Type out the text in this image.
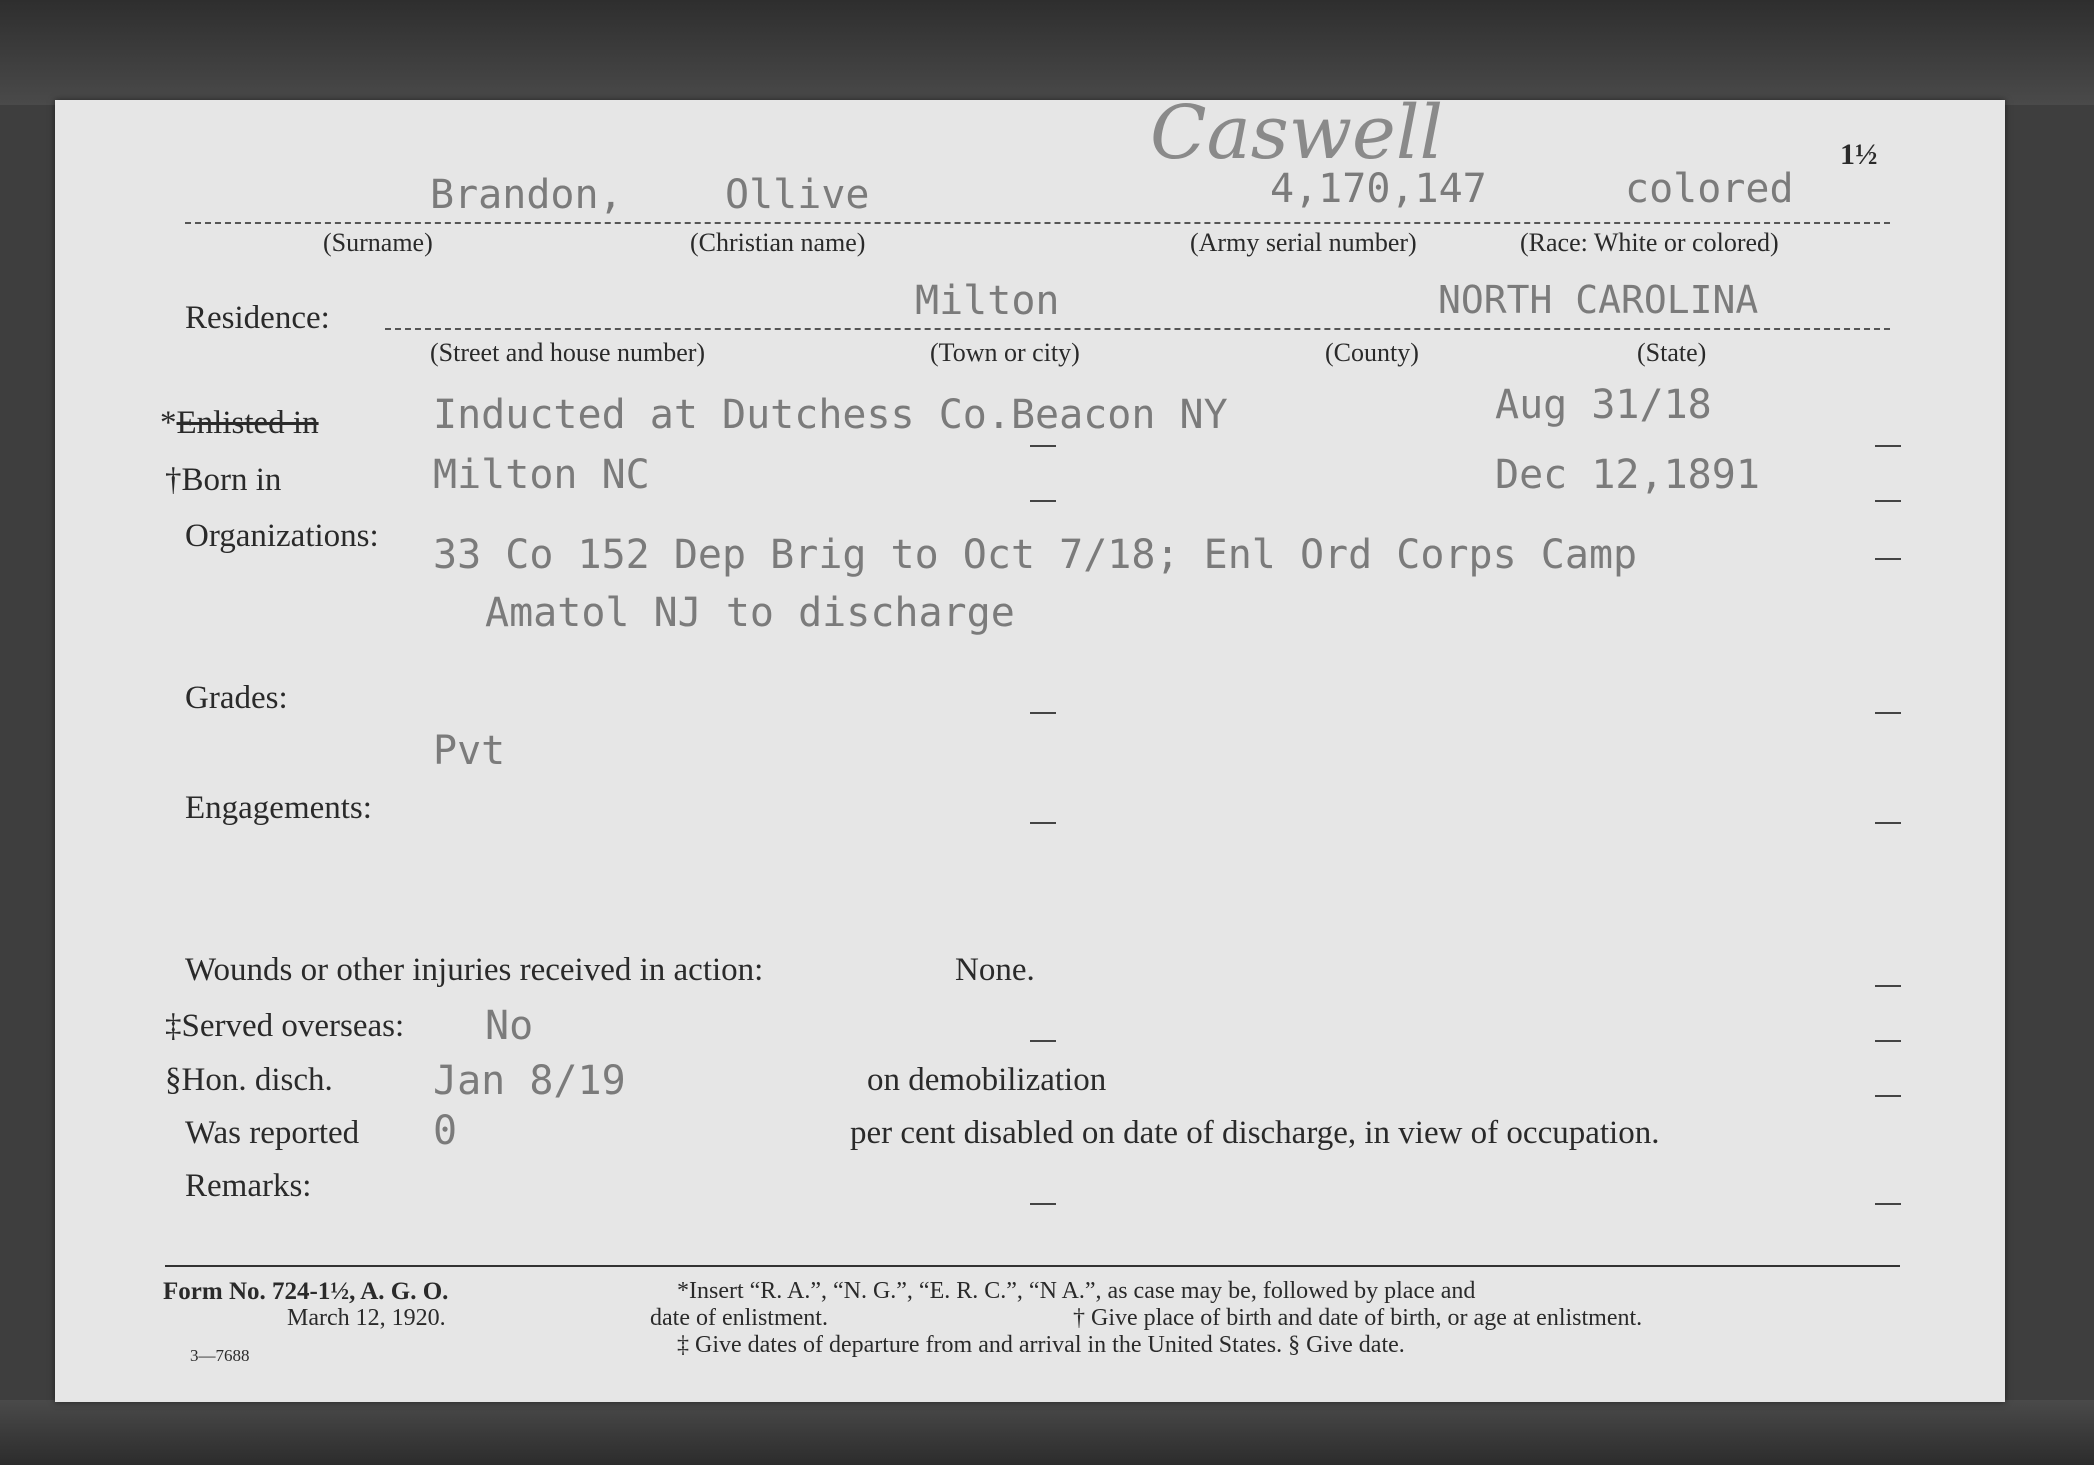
Caswell	1½
Brandon,	Ollive	4,170,147	colored
(Surname)	(Christian name)	(Army serial number)	(Race: White or colored)
Residence:	Milton	NORTH CAROLINA
(Street and house number)	(Town or city)	(County)	(State)
*Enlisted in	Inducted at Dutchess Co.Beacon NY	Aug 31/18
†Born in	Milton NC	Dec 12,1891
Organizations: 33 Co 152 Dep Brig to Oct 7/18; Enl Ord Corps Camp
Amatol NJ to discharge
Grades:
Pvt
Engagements:
Wounds or other injuries received in action:	None.
‡Served overseas: No
§Hon. disch.	Jan 8/19	on demobilization
Was reported 0	per cent disabled on date of discharge, in view of occupation.
Remarks:
Form No. 724-1½, A. G. O.
March 12, 1920.
3—7688
*Insert “R. A.”, “N. G.”, “E. R. C.”, “N A.”, as case may be, followed by place and
date of enlistment.	† Give place of birth and date of birth, or age at enlistment.
‡ Give dates of departure from and arrival in the United States. § Give date.
